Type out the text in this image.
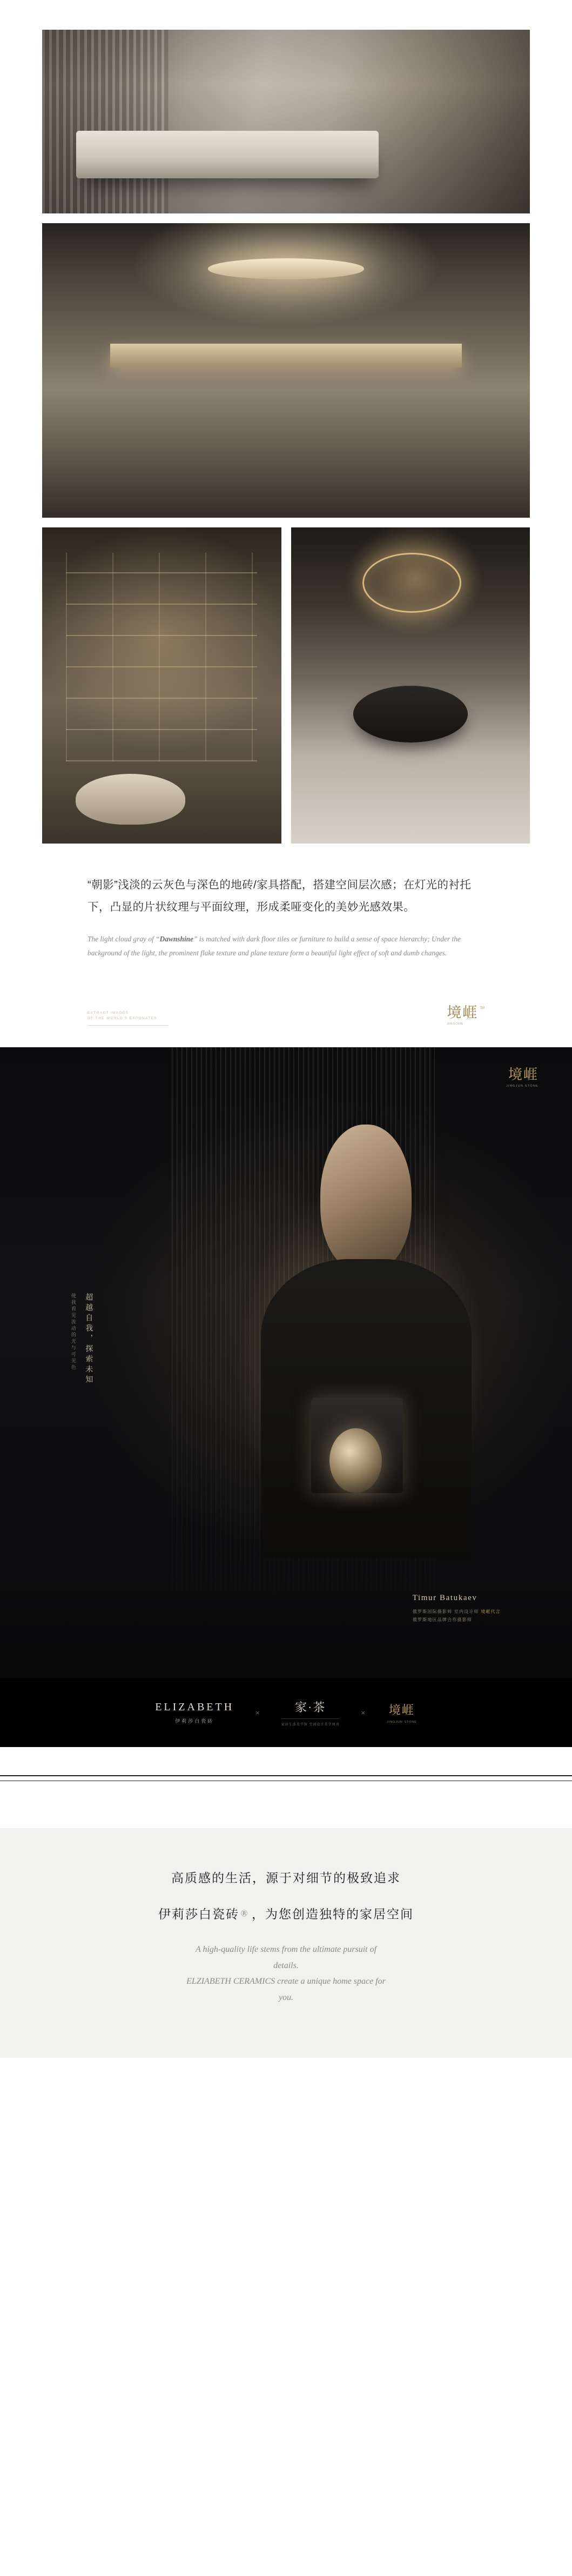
“朝影”浅淡的云灰色与深色的地砖/家具搭配，搭建空间层次感；在灯光的衬托下，凸显的片状纹理与平面纹理，形成柔哑变化的美妙光感效果。

The light cloud gray of “Dawnshine” is matched with dark floor tiles or furniture to build a sense of space hierarchy; Under the background of the light, the prominent flake texture and plane texture form a beautiful light effect of soft and dumb changes.

EXTRACT IMAGES
OF THE WORLD'S EXPONATES	境崕
JINGJUN
TM
境崕
JINGJUN STONE
超越自我，探索未知
使我看见流动的光与可见色
Timur Batukaev
俄罗斯国际摄影师 室内设计师 境崕代言
俄罗斯地区品牌合作摄影师
ELIZABETH
伊莉莎白瓷砖
×	家·茶
家居生活美学馆 空间设计美学周刊
× 境崕
JINGJUN STONE
高质感的生活，源于对细节的极致追求
伊莉莎白瓷砖 Ⓡ ，为您创造独特的家居空间
A high-quality life stems from the ultimate pursuit of
details.
ELZIABETH CERAMICS create a unique home space for
you.
